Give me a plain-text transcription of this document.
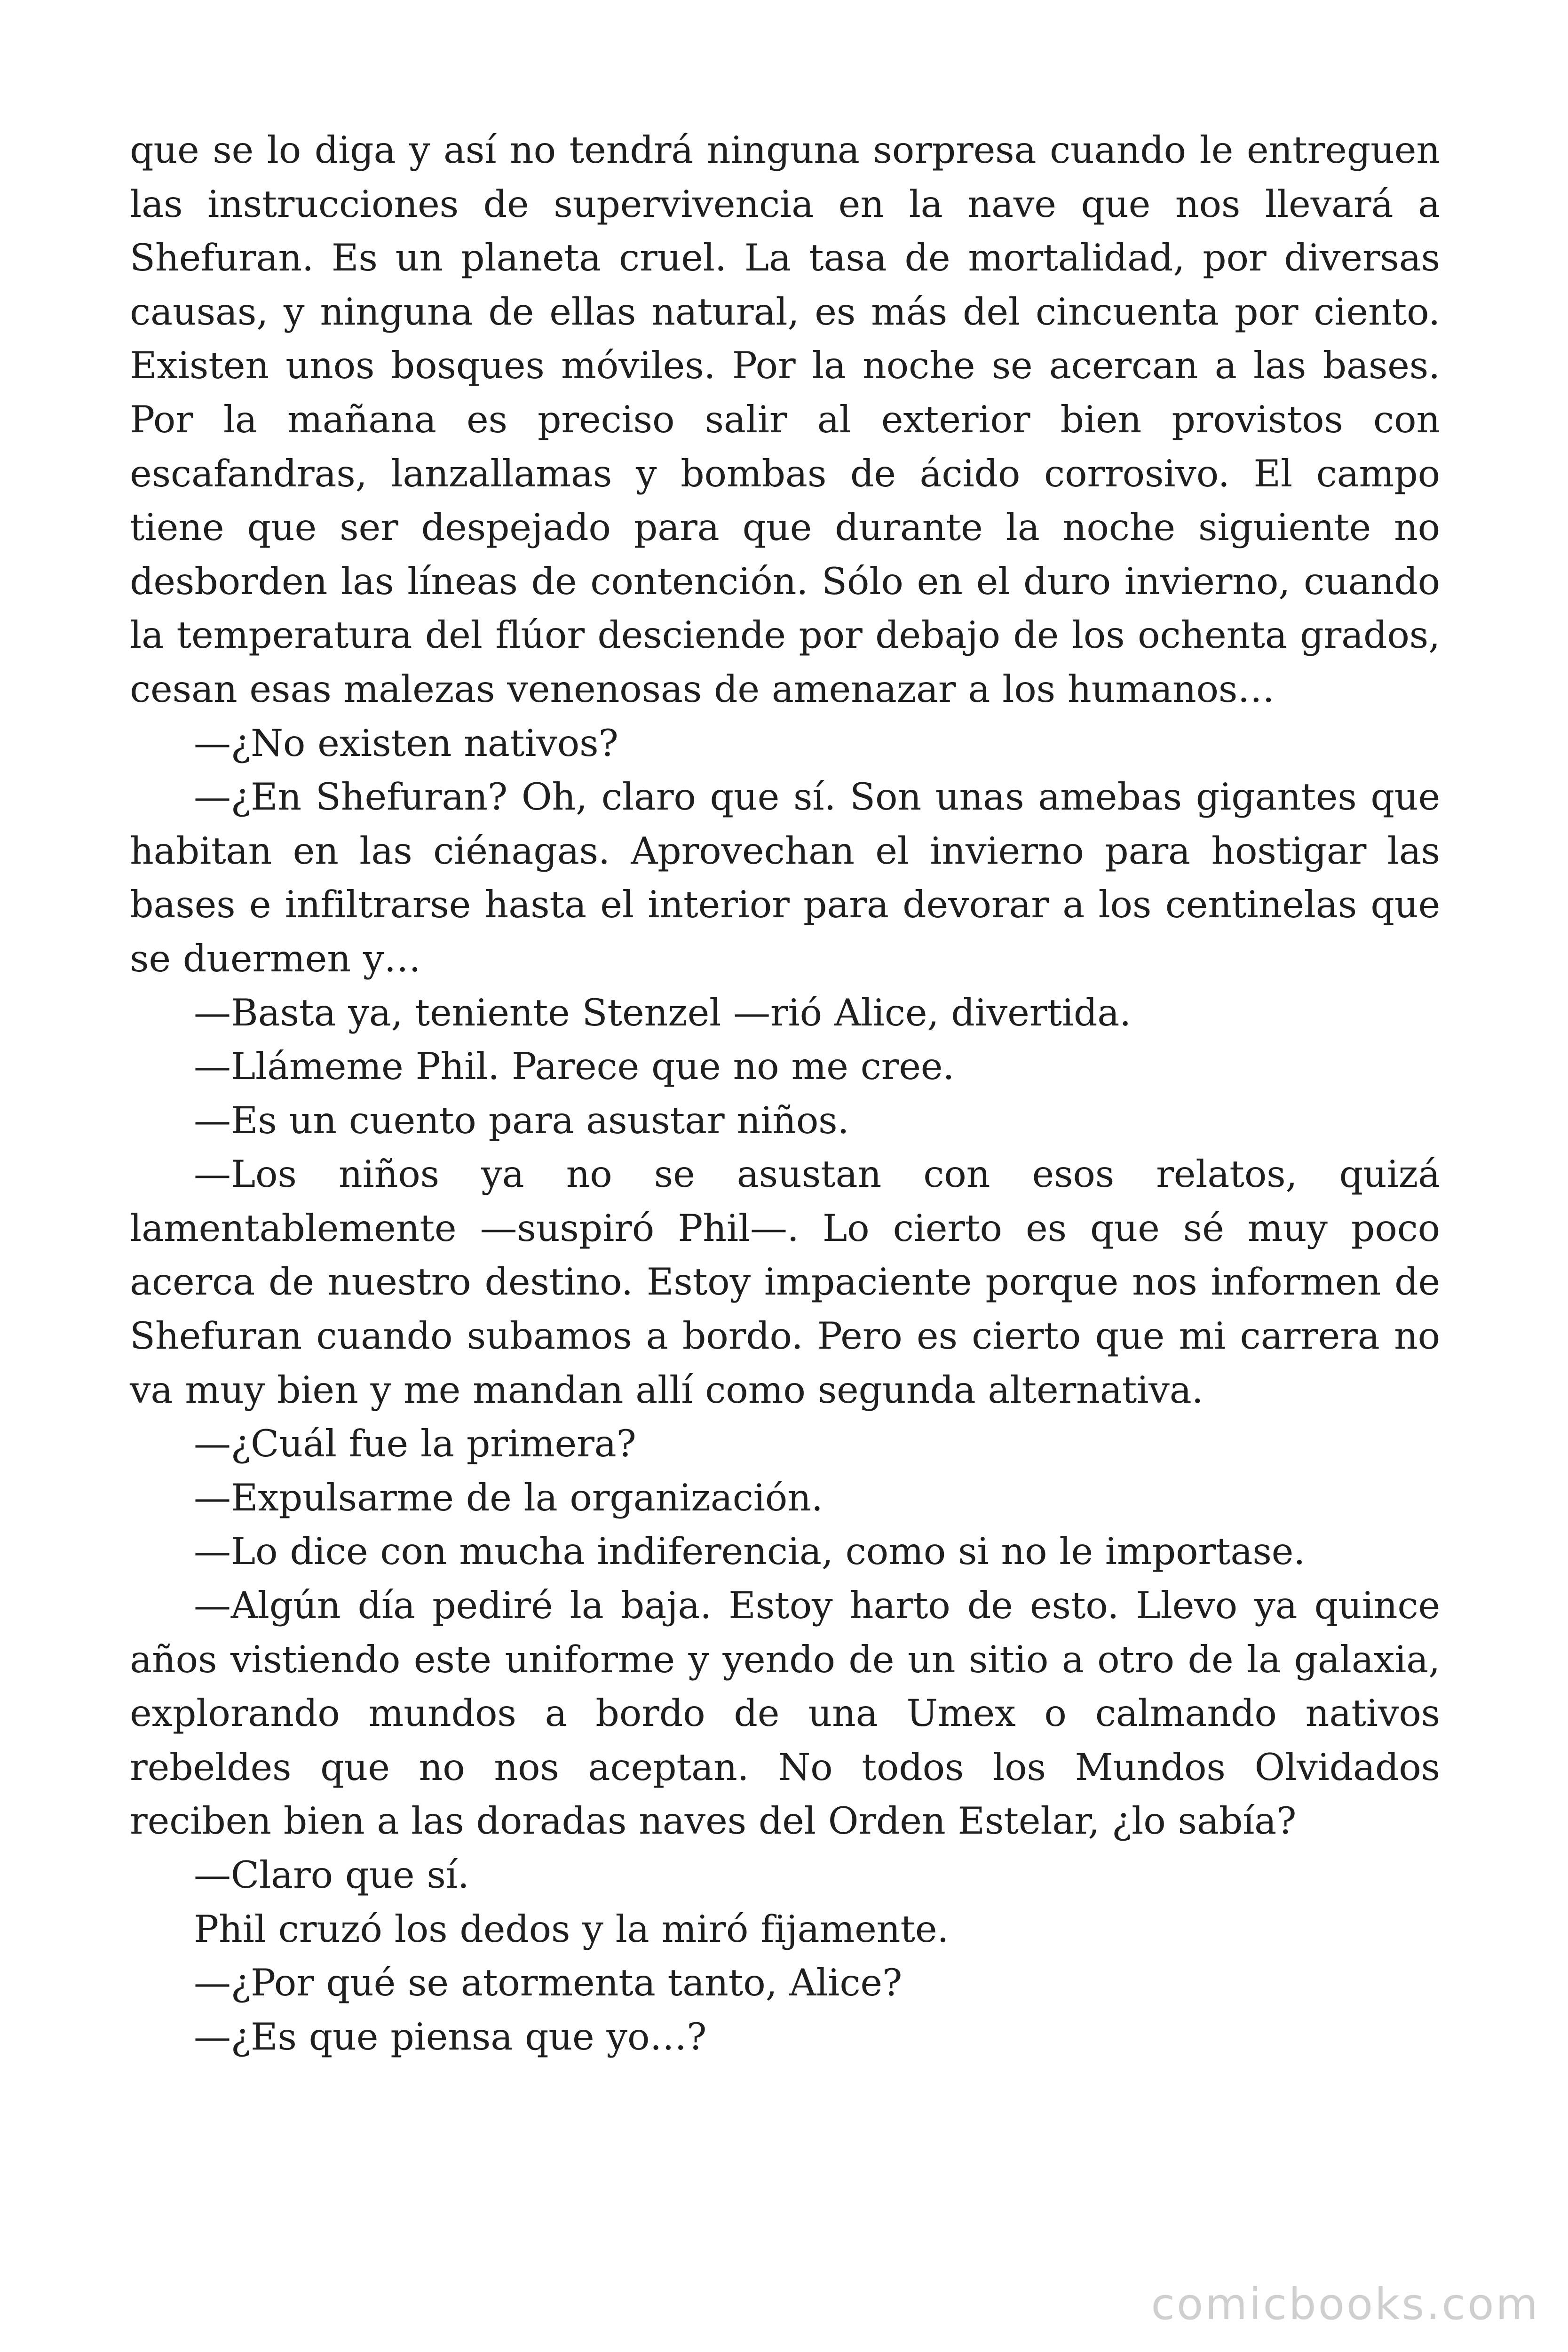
que se lo diga y así no tendrá ninguna sorpresa cuando le entreguen las instrucciones de supervivencia en la nave que nos llevará a Shefuran. Es un planeta cruel. La tasa de mortalidad, por diversas causas, y ninguna de ellas natural, es más del cincuenta por ciento. Existen unos bosques móviles. Por la noche se acercan a las bases. Por la mañana es preciso salir al exterior bien provistos con escafandras, lanzallamas y bombas de ácido corrosivo. El campo tiene que ser despejado para que durante la noche siguiente no desborden las líneas de contención. Sólo en el duro invierno, cuando la temperatura del flúor desciende por debajo de los ochenta grados, cesan esas malezas venenosas de amenazar a los humanos…

—¿No existen nativos?

—¿En Shefuran? Oh, claro que sí. Son unas amebas gigantes que habitan en las ciénagas. Aprovechan el invierno para hostigar las bases e infiltrarse hasta el interior para devorar a los centinelas que se duermen y…

—Basta ya, teniente Stenzel —rió Alice, divertida.

—Llámeme Phil. Parece que no me cree.

—Es un cuento para asustar niños.

—Los niños ya no se asustan con esos relatos, quizá lamentablemente —suspiró Phil—. Lo cierto es que sé muy poco acerca de nuestro destino. Estoy impaciente porque nos informen de Shefuran cuando subamos a bordo. Pero es cierto que mi carrera no va muy bien y me mandan allí como segunda alternativa.

—¿Cuál fue la primera?

—Expulsarme de la organización.

—Lo dice con mucha indiferencia, como si no le importase.

—Algún día pediré la baja. Estoy harto de esto. Llevo ya quince años vistiendo este uniforme y yendo de un sitio a otro de la galaxia, explorando mundos a bordo de una Umex o calmando nativos rebeldes que no nos aceptan. No todos los Mundos Olvidados reciben bien a las doradas naves del Orden Estelar, ¿lo sabía?

—Claro que sí.

Phil cruzó los dedos y la miró fijamente.

—¿Por qué se atormenta tanto, Alice?

—¿Es que piensa que yo…?

comicbooks.com
